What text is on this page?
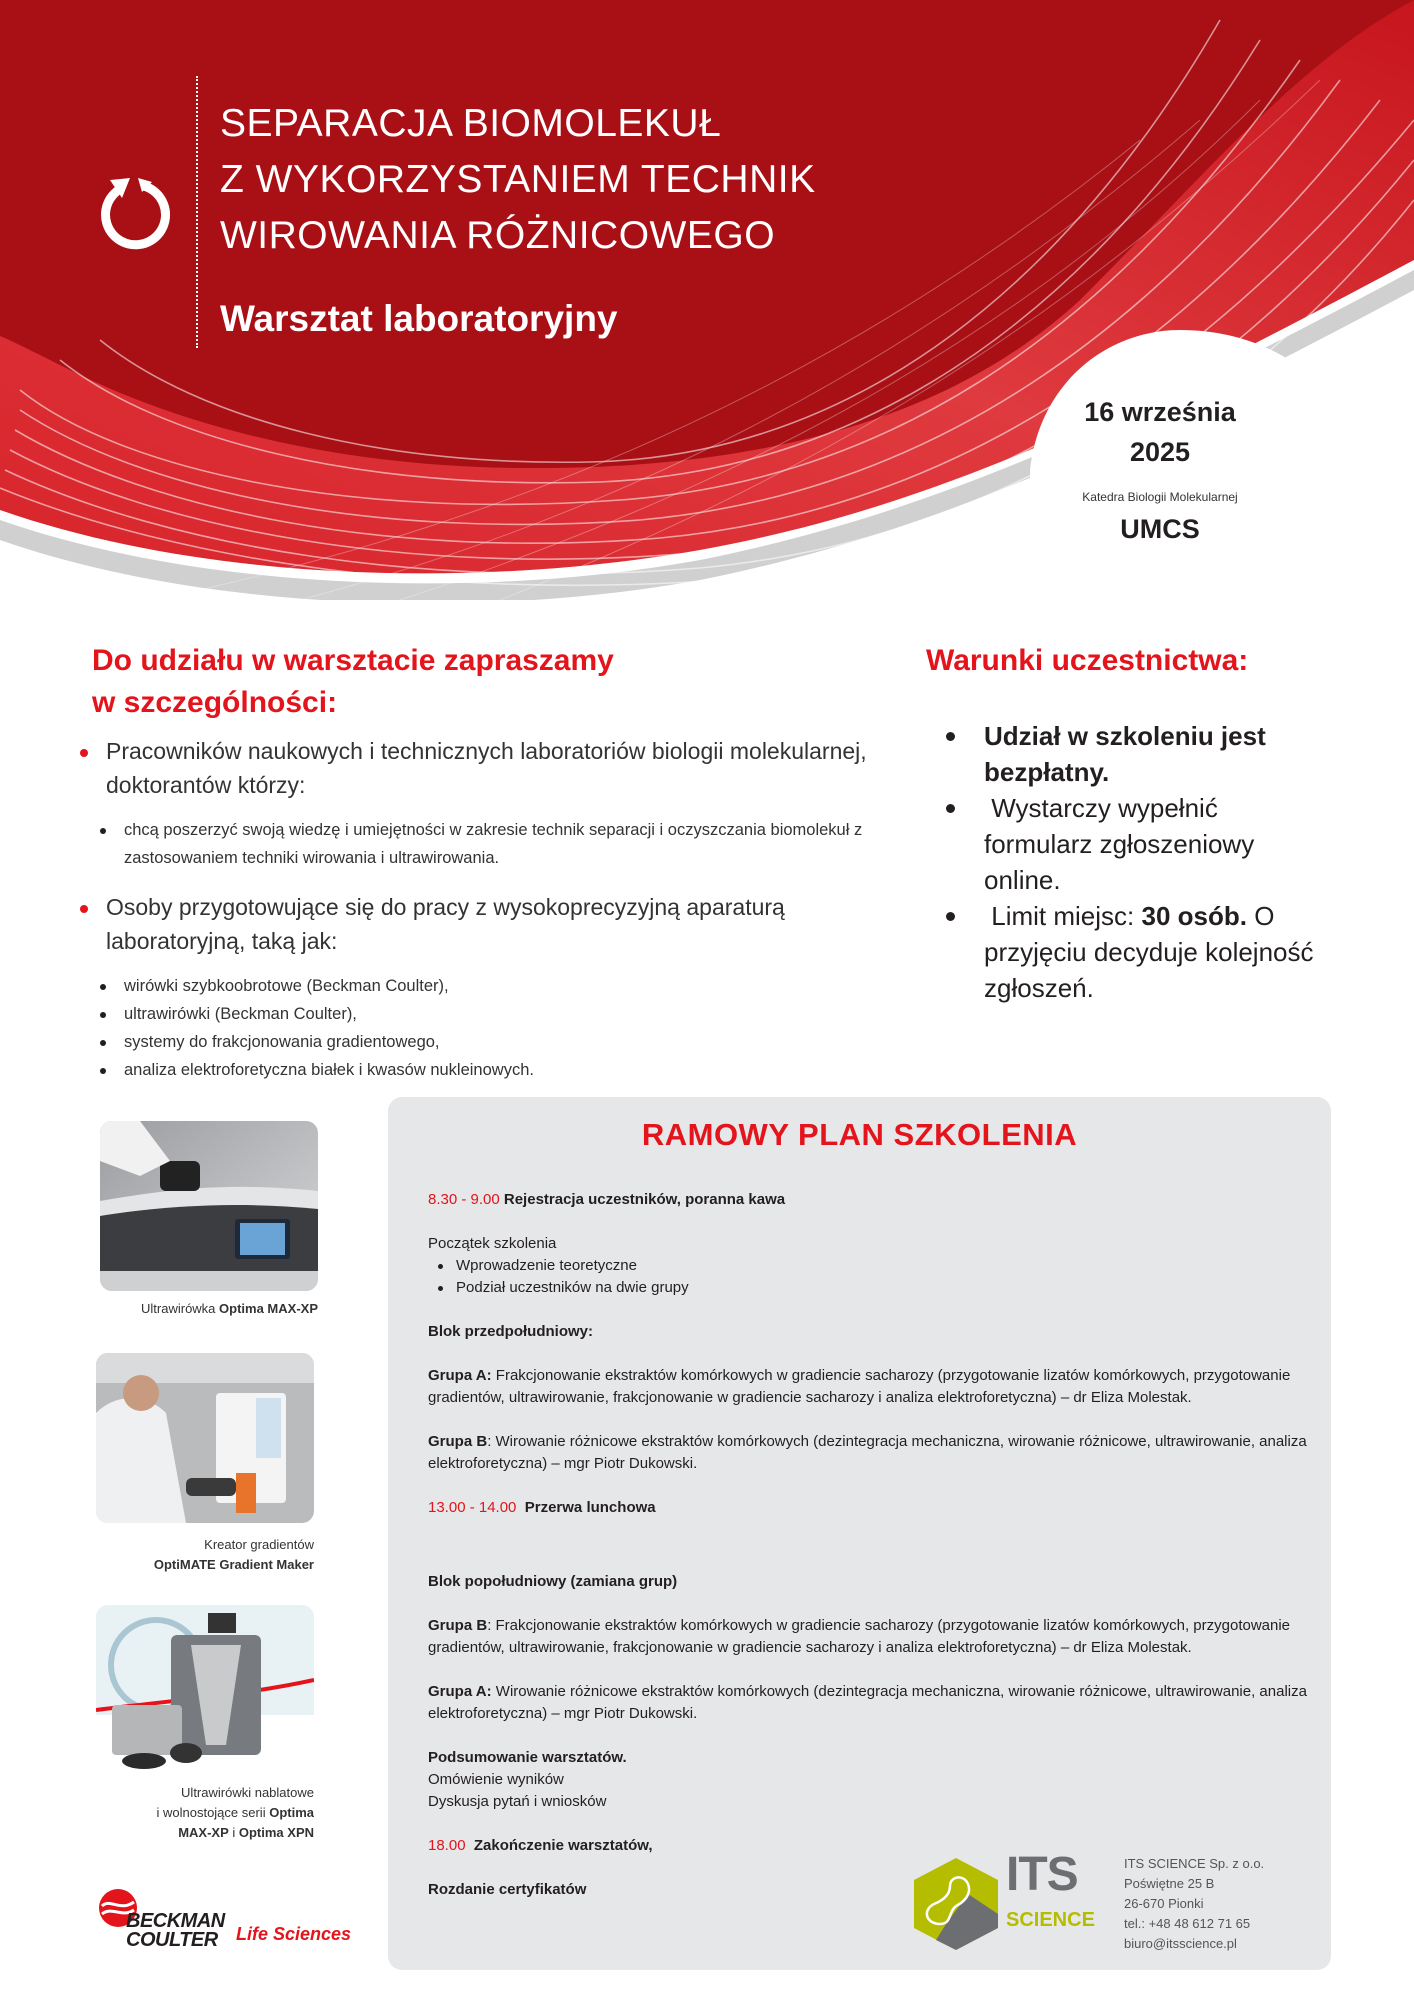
SEPARACJA BIOMOLEKUŁ
Z WYKORZYSTANIEM TECHNIK
WIROWANIA RÓŻNICOWEGO
Warsztat laboratoryjny
16 września
2025
Katedra Biologii Molekularnej
UMCS
Do udziału w warsztacie zapraszamy
w szczególności:
Pracowników naukowych i technicznych laboratoriów biologii molekularnej, doktorantów którzy:
chcą poszerzyć swoją wiedzę i umiejętności w zakresie technik separacji i oczyszczania biomolekuł z zastosowaniem techniki wirowania i ultrawirowania.
Osoby przygotowujące się do pracy z wysokoprecyzyjną aparaturą laboratoryjną, taką jak:
wirówki szybkoobrotowe (Beckman Coulter),
ultrawirówki (Beckman Coulter),
systemy do frakcjonowania gradientowego,
analiza elektroforetyczna białek i kwasów nukleinowych.
Warunki uczestnictwa:
Udział w szkoleniu jest bezpłatny.
Wystarczy wypełnić formularz zgłoszeniowy online.
Limit miejsc: 30 osób. O przyjęciu decyduje kolejność zgłoszeń.
Ultrawirówka Optima MAX-XP
Kreator gradientów
OptiMATE Gradient Maker
Ultrawirówki nablatowe
i wolnostojące serii Optima
MAX-XP i Optima XPN
BECKMAN
COULTER	Life Sciences
RAMOWY PLAN SZKOLENIA

8.30 - 9.00 Rejestracja uczestników, poranna kawa

Początek szkolenia

Wprowadzenie teoretyczne
Podział uczestników na dwie grupy

Blok przedpołudniowy:

Grupa A: Frakcjonowanie ekstraktów komórkowych w gradiencie sacharozy (przygotowanie lizatów komórkowych, przygotowanie gradientów, ultrawirowanie, frakcjonowanie w gradiencie sacharozy i analiza elektroforetyczna) – dr Eliza Molestak.

Grupa B: Wirowanie różnicowe ekstraktów komórkowych (dezintegracja mechaniczna, wirowanie różnicowe, ultrawirowanie, analiza elektroforetyczna) – mgr Piotr Dukowski.

13.00 - 14.00  Przerwa lunchowa

Blok popołudniowy (zamiana grup)

Grupa B: Frakcjonowanie ekstraktów komórkowych w gradiencie sacharozy (przygotowanie lizatów komórkowych, przygotowanie gradientów, ultrawirowanie, frakcjonowanie w gradiencie sacharozy i analiza elektroforetyczna) – dr Eliza Molestak.

Grupa A: Wirowanie różnicowe ekstraktów komórkowych (dezintegracja mechaniczna, wirowanie różnicowe, ultrawirowanie, analiza elektroforetyczna) – mgr Piotr Dukowski.

Podsumowanie warsztatów.

Omówienie wyników

Dyskusja pytań i wniosków

18.00  Zakończenie warsztatów,

Rozdanie certyfikatów	ITS
SCIENCE
ITS SCIENCE Sp. z o.o.
Poświętne 25 B
26-670 Pionki
tel.: +48 48 612 71 65
biuro@itsscience.pl
